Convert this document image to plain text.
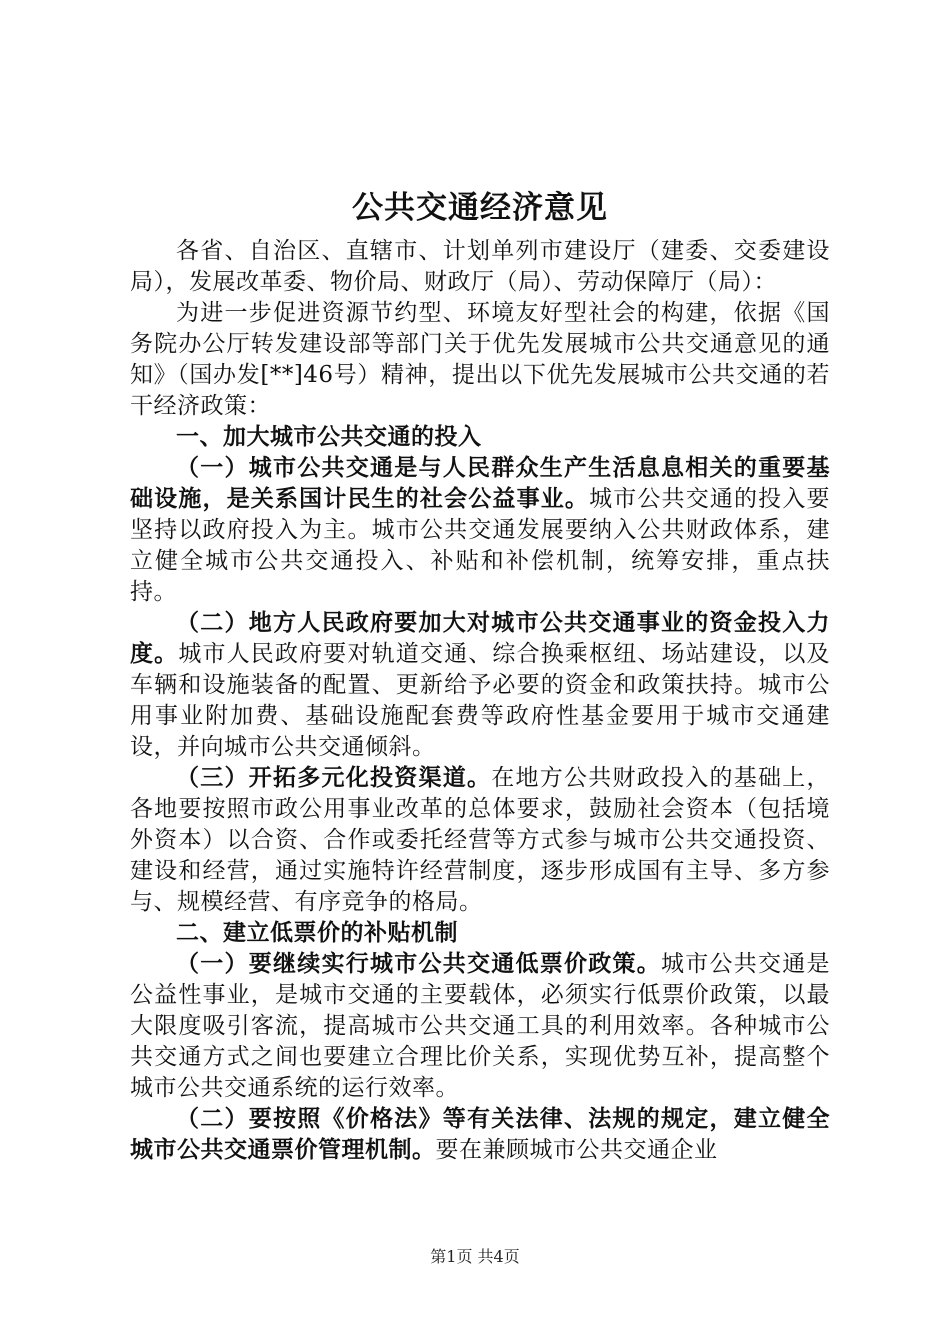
公共交通经济意见

各省、自治区、直辖市、计划单列市建设厅（建委、交委建设局），发展改革委、物价局、财政厅（局）、劳动保障厅（局）：

为进一步促进资源节约型、环境友好型社会的构建，依据《国务院办公厅转发建设部等部门关于优先发展城市公共交通意见的通知》（国办发[**]46号）精神，提出以下优先发展城市公共交通的若干经济政策：

一、加大城市公共交通的投入

（一）城市公共交通是与人民群众生产生活息息相关的重要基础设施，是关系国计民生的社会公益事业。城市公共交通的投入要坚持以政府投入为主。城市公共交通发展要纳入公共财政体系，建立健全城市公共交通投入、补贴和补偿机制，统筹安排，重点扶持。

（二）地方人民政府要加大对城市公共交通事业的资金投入力度。城市人民政府要对轨道交通、综合换乘枢纽、场站建设，以及车辆和设施装备的配置、更新给予必要的资金和政策扶持。城市公用事业附加费、基础设施配套费等政府性基金要用于城市交通建设，并向城市公共交通倾斜。

（三）开拓多元化投资渠道。在地方公共财政投入的基础上，各地要按照市政公用事业改革的总体要求，鼓励社会资本（包括境外资本）以合资、合作或委托经营等方式参与城市公共交通投资、建设和经营，通过实施特许经营制度，逐步形成国有主导、多方参与、规模经营、有序竞争的格局。

二、建立低票价的补贴机制

（一）要继续实行城市公共交通低票价政策。城市公共交通是公益性事业，是城市交通的主要载体，必须实行低票价政策，以最大限度吸引客流，提高城市公共交通工具的利用效率。各种城市公共交通方式之间也要建立合理比价关系，实现优势互补，提高整个城市公共交通系统的运行效率。

（二）要按照《价格法》等有关法律、法规的规定，建立健全城市公共交通票价管理机制。要在兼顾城市公共交通企业

第1页 共4页
